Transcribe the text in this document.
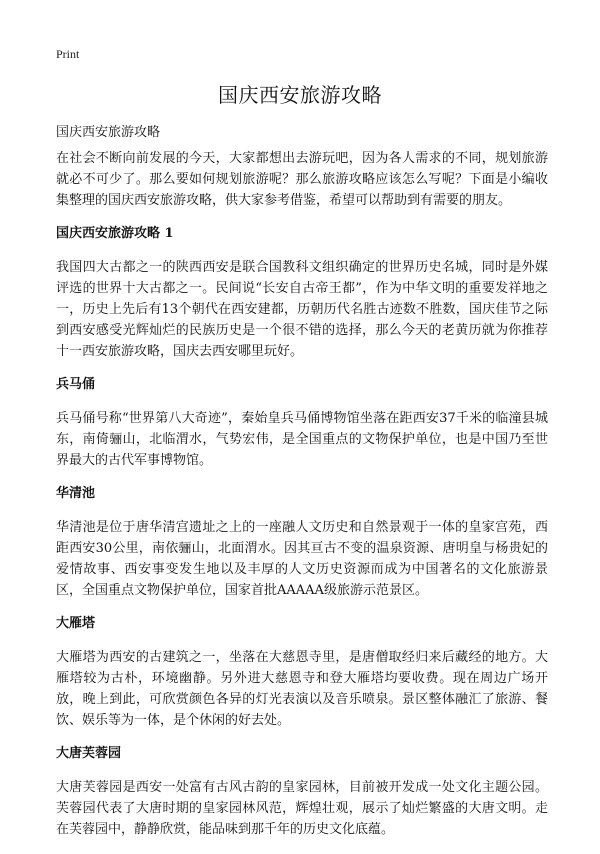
Print
国庆西安旅游攻略

国庆西安旅游攻略

在社会不断向前发展的今天，大家都想出去游玩吧，因为各人需求的不同，规划旅游就必不可少了。那么要如何规划旅游呢？那么旅游攻略应该怎么写呢？下面是小编收集整理的国庆西安旅游攻略，供大家参考借鉴，希望可以帮助到有需要的朋友。

国庆西安旅游攻略 1

我国四大古都之一的陕西西安是联合国教科文组织确定的世界历史名城，同时是外媒评选的世界十大古都之一。民间说“长安自古帝王都”，作为中华文明的重要发祥地之一，历史上先后有13个朝代在西安建都，历朝历代名胜古迹数不胜数，国庆佳节之际到西安感受光辉灿烂的民族历史是一个很不错的选择，那么今天的老黄历就为你推荐十一西安旅游攻略，国庆去西安哪里玩好。

兵马俑

兵马俑号称“世界第八大奇迹”，秦始皇兵马俑博物馆坐落在距西安37千米的临潼县城东，南倚骊山，北临渭水，气势宏伟，是全国重点的文物保护单位，也是中国乃至世界最大的古代军事博物馆。

华清池

华清池是位于唐华清宫遗址之上的一座融人文历史和自然景观于一体的皇家宫苑，西距西安30公里，南依骊山，北面渭水。因其亘古不变的温泉资源、唐明皇与杨贵妃的爱情故事、西安事变发生地以及丰厚的人文历史资源而成为中国著名的文化旅游景区，全国重点文物保护单位，国家首批AAAAA级旅游示范景区。

大雁塔

大雁塔为西安的古建筑之一，坐落在大慈恩寺里，是唐僧取经归来后藏经的地方。大雁塔较为古朴，环境幽静。另外进大慈恩寺和登大雁塔均要收费。现在周边广场开放，晚上到此，可欣赏颜色各异的灯光表演以及音乐喷泉。景区整体融汇了旅游、餐饮、娱乐等为一体，是个休闲的好去处。

大唐芙蓉园

大唐芙蓉园是西安一处富有古风古韵的皇家园林，目前被开发成一处文化主题公园。芙蓉园代表了大唐时期的皇家园林风范，辉煌壮观，展示了灿烂繁盛的大唐文明。走在芙蓉园中，静静欣赏，能品味到那千年的历史文化底蕴。
